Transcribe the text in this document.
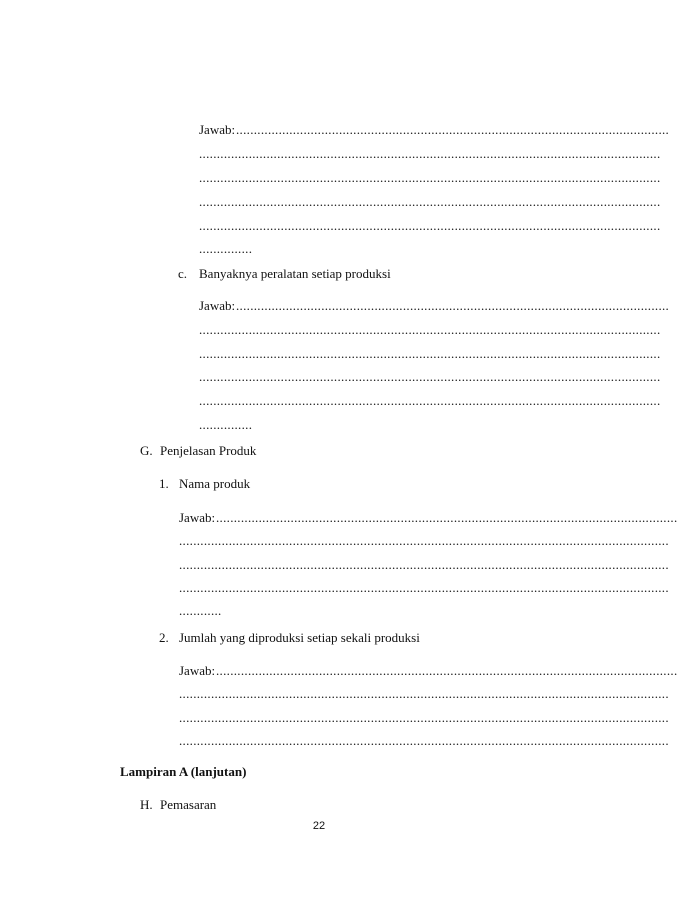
Jawab: ..........................................................................................................................
..................................................................................................................................
..................................................................................................................................
..................................................................................................................................
..................................................................................................................................
...............
c. Banyaknya peralatan setiap produksi
Jawab: ..........................................................................................................................
..................................................................................................................................
..................................................................................................................................
..................................................................................................................................
..................................................................................................................................
...............
G. Penjelasan Produk
1. Nama produk
Jawab: ..................................................................................................................................
..........................................................................................................................................
..........................................................................................................................................
..........................................................................................................................................
............
2. Jumlah yang diproduksi setiap sekali produksi
Jawab: ..................................................................................................................................
..........................................................................................................................................
..........................................................................................................................................
..........................................................................................................................................
Lampiran A (lanjutan)
H. Pemasaran
22
